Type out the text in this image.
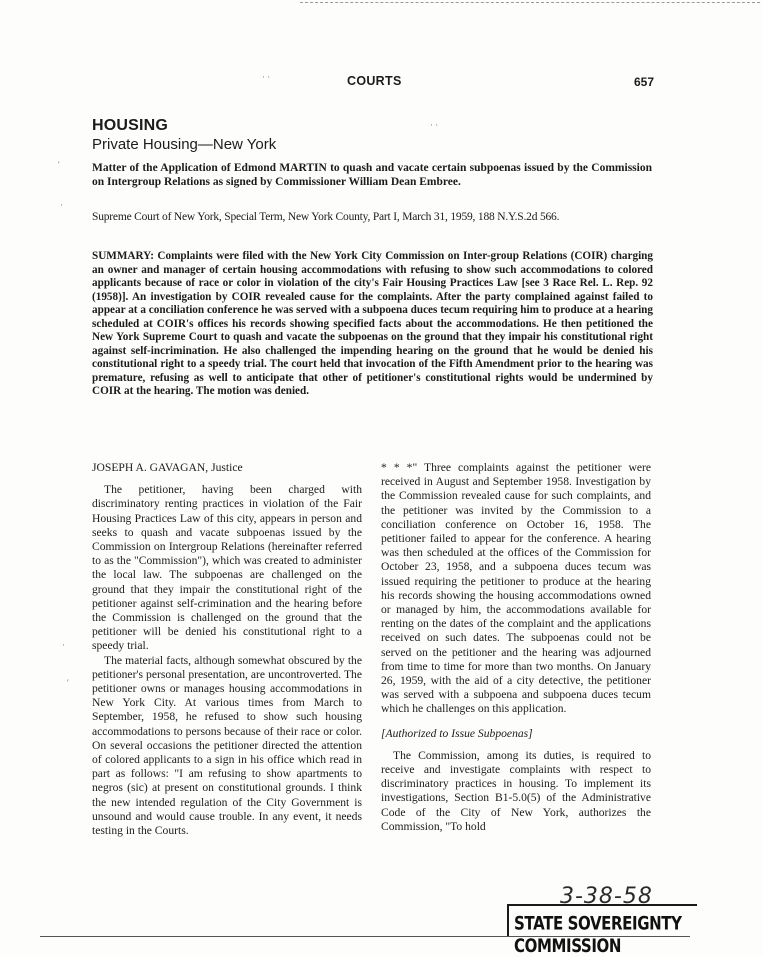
COURTS	657
· ·
· ·
'
·
·
'
HOUSING
Private Housing—New York
Matter of the Application of Edmond MARTIN to quash and vacate certain subpoenas issued by the Commission on Intergroup Relations as signed by Commissioner William Dean Embree.
Supreme Court of New York, Special Term, New York County, Part I, March 31, 1959, 188 N.Y.S.2d 566.
SUMMARY: Complaints were filed with the New York City Commission on Inter-group Relations (COIR) charging an owner and manager of certain housing accommodations with refusing to show such accommodations to colored applicants because of race or color in violation of the city's Fair Housing Practices Law [see 3 Race Rel. L. Rep. 92 (1958)]. An investigation by COIR revealed cause for the complaints. After the party complained against failed to appear at a conciliation conference he was served with a subpoena duces tecum requiring him to produce at a hearing scheduled at COIR's offices his records showing specified facts about the accommodations. He then petitioned the New York Supreme Court to quash and vacate the subpoenas on the ground that they impair his constitutional right against self-incrimination. He also challenged the impending hearing on the ground that he would be denied his constitutional right to a speedy trial. The court held that invocation of the Fifth Amendment prior to the hearing was premature, refusing as well to anticipate that other of petitioner's constitutional rights would be undermined by COIR at the hearing. The motion was denied.

JOSEPH A. GAVAGAN, Justice

The petitioner, having been charged with discriminatory renting practices in violation of the Fair Housing Practices Law of this city, appears in person and seeks to quash and vacate subpoenas issued by the Commission on Intergroup Relations (hereinafter referred to as the "Commission"), which was created to administer the local law. The subpoenas are challenged on the ground that they impair the constitutional right of the petitioner against self-crimination and the hearing before the Commission is challenged on the ground that the petitioner will be denied his constitutional right to a speedy trial.

The material facts, although somewhat obscured by the petitioner's personal presentation, are uncontroverted. The petitioner owns or manages housing accommodations in New York City. At various times from March to September, 1958, he refused to show such housing accommodations to persons because of their race or color. On several occasions the petitioner directed the attention of colored applicants to a sign in his office which read in part as follows: "I am refusing to show apartments to negros (sic) at present on constitutional grounds. I think the new intended regulation of the City Government is unsound and would cause trouble. In any event, it needs testing in the Courts.

* * *" Three complaints against the petitioner were received in August and September 1958. Investigation by the Commission revealed cause for such complaints, and the petitioner was invited by the Commission to a conciliation conference on October 16, 1958. The petitioner failed to appear for the conference. A hearing was then scheduled at the offices of the Commission for October 23, 1958, and a subpoena duces tecum was issued requiring the petitioner to produce at the hearing his records showing the housing accommodations owned or managed by him, the accommodations available for renting on the dates of the complaint and the applications received on such dates. The subpoenas could not be served on the petitioner and the hearing was adjourned from time to time for more than two months. On January 26, 1959, with the aid of a city detective, the petitioner was served with a subpoena and subpoena duces tecum which he challenges on this application.

[Authorized to Issue Subpoenas]

The Commission, among its duties, is required to receive and investigate complaints with respect to discriminatory practices in housing. To implement its investigations, Section B1-5.0(5) of the Administrative Code of the City of New York, authorizes the Commission, "To hold

3-38-58
STATE SOVEREIGNTY COMMISSION
